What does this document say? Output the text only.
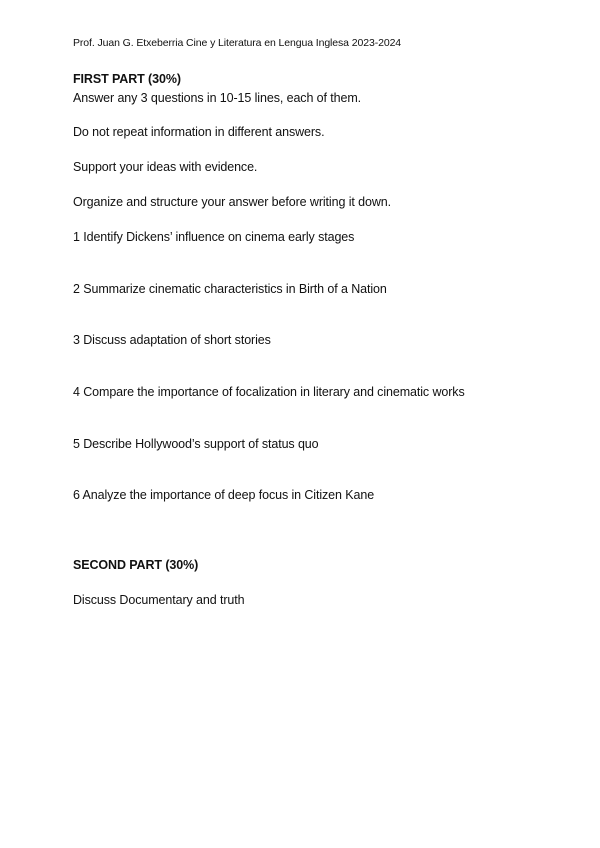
Prof. Juan G. Etxeberria Cine y Literatura en Lengua Inglesa 2023-2024
FIRST PART (30%)
Answer any 3 questions in 10-15 lines, each of them.
Do not repeat information in different answers.
Support your ideas with evidence.
Organize and structure your answer before writing it down.
1 Identify Dickens’ influence on cinema early stages
2 Summarize cinematic characteristics in Birth of a Nation
3 Discuss adaptation of short stories
4 Compare the importance of focalization in literary and cinematic works
5 Describe Hollywood’s support of status quo
6 Analyze the importance of deep focus in Citizen Kane
SECOND PART (30%)
Discuss Documentary and truth
